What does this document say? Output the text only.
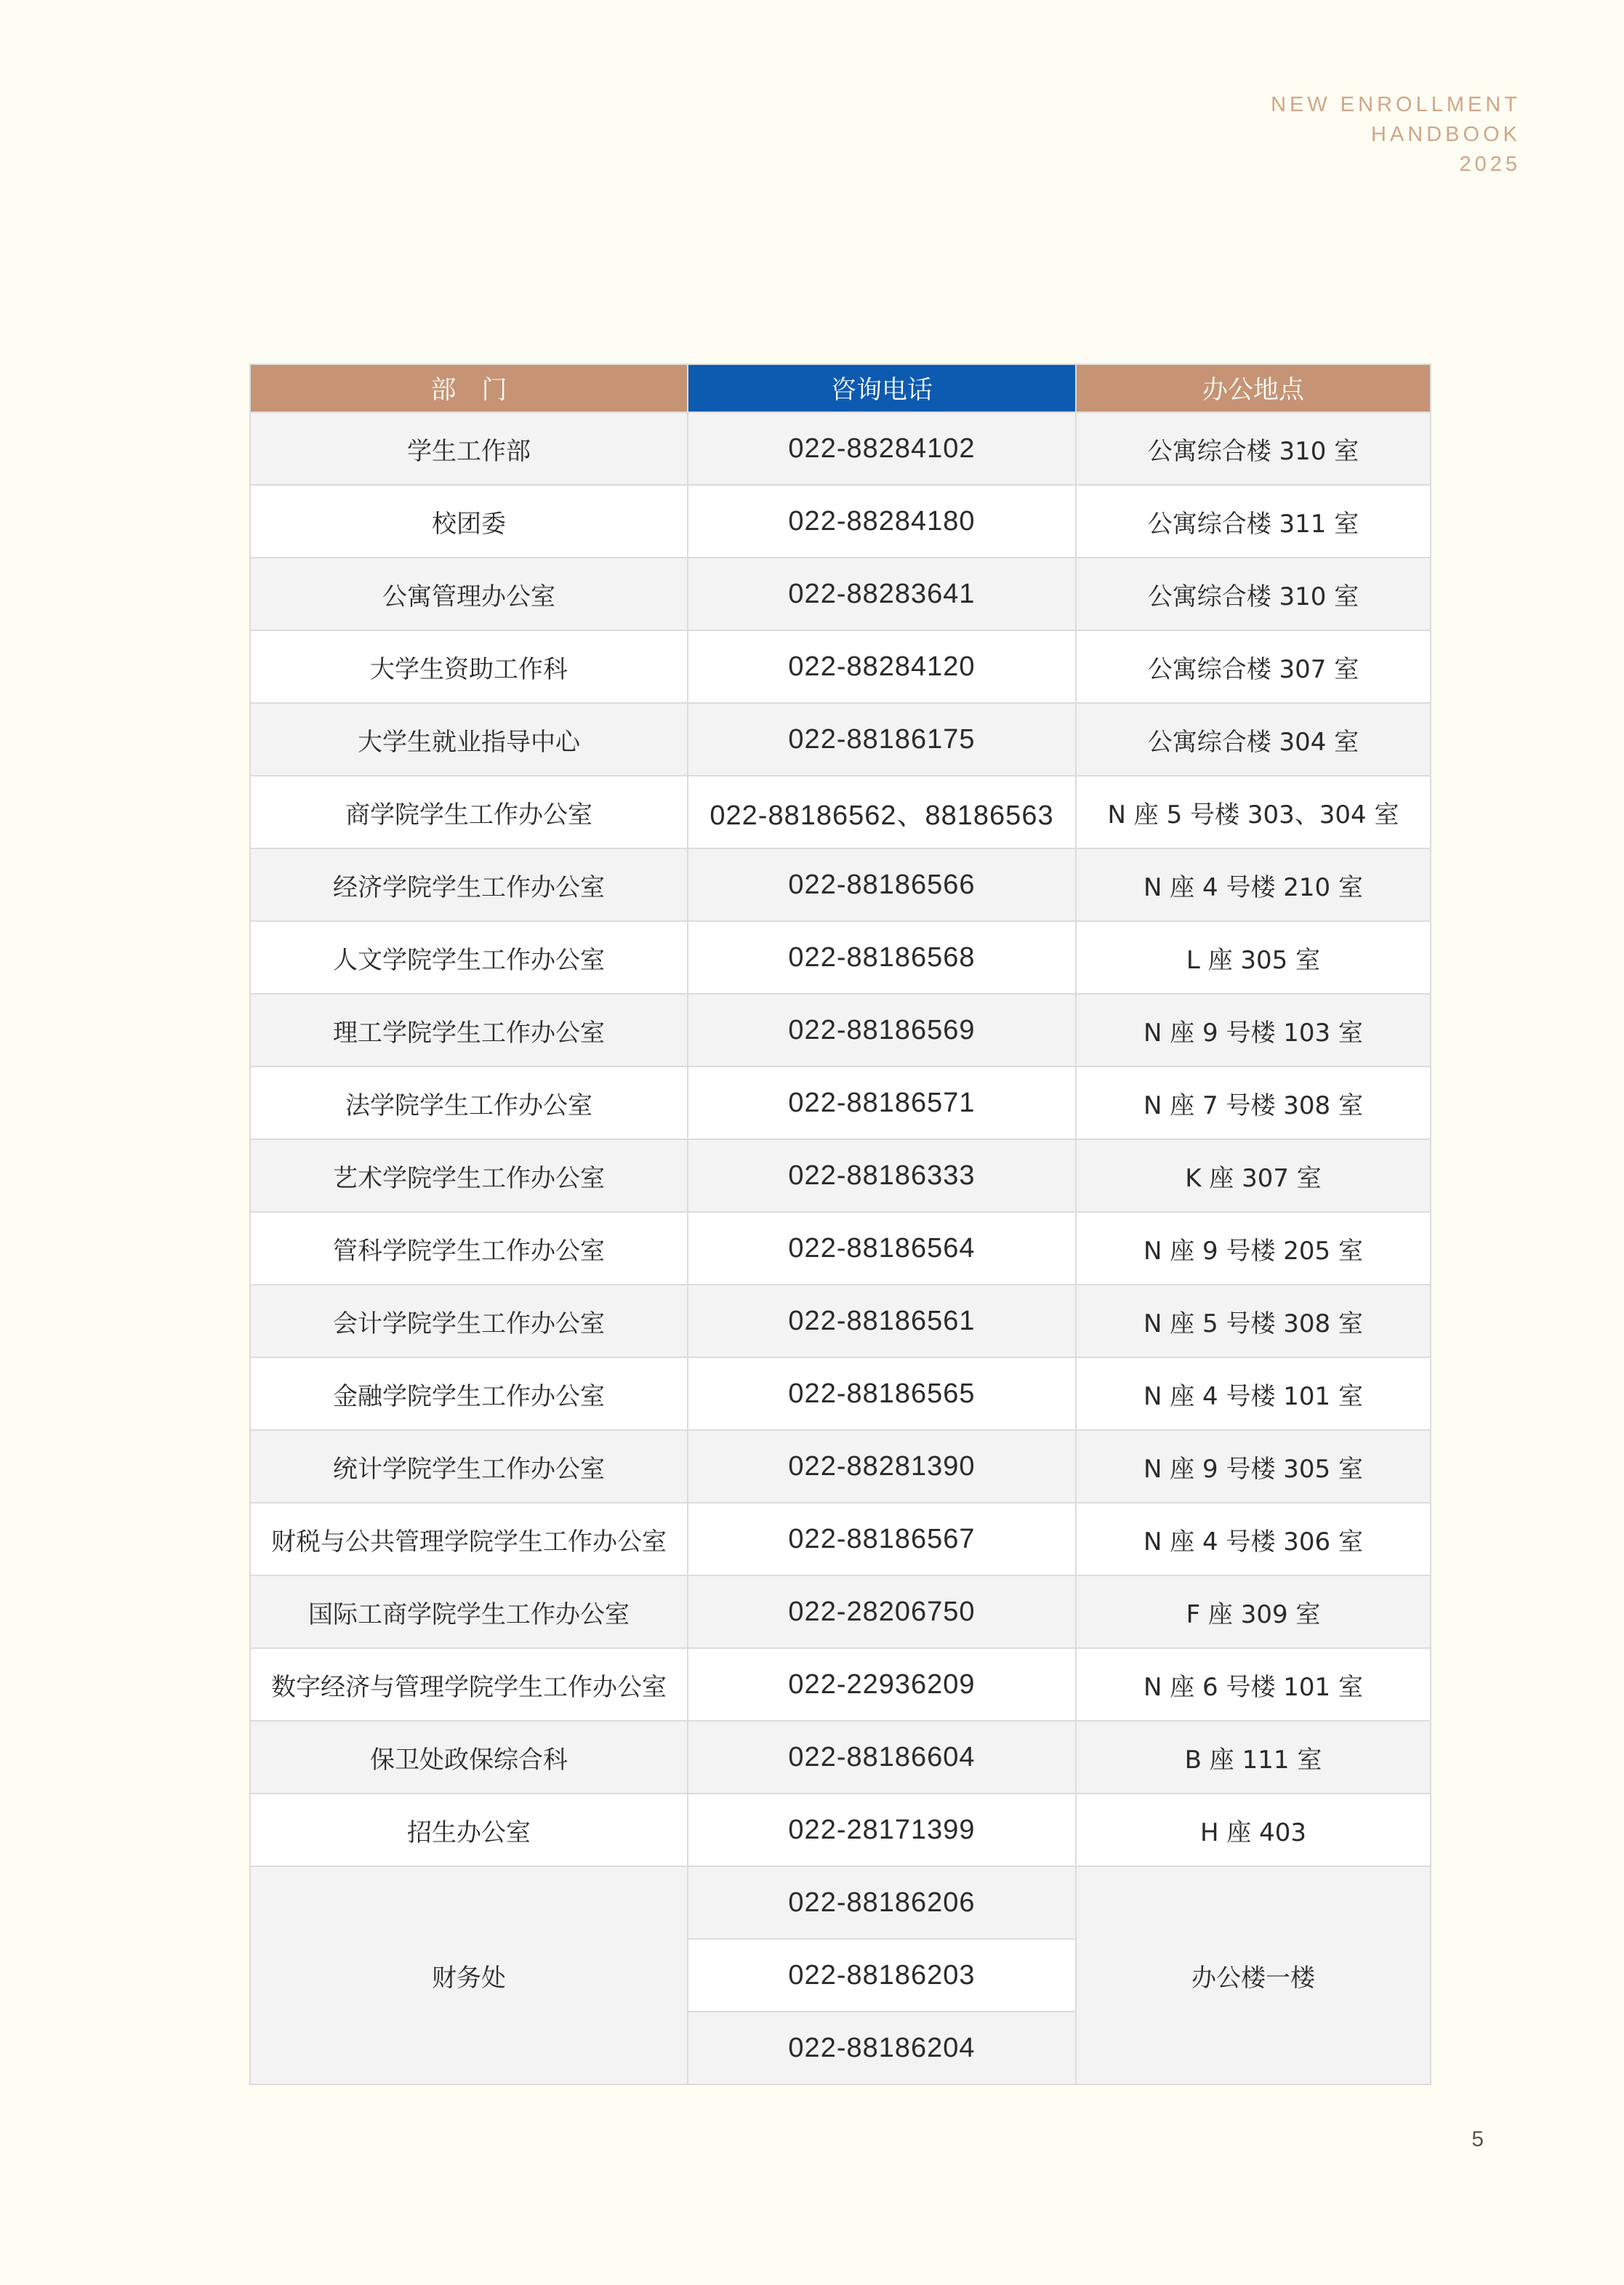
NEW ENROLLMENT
HANDBOOK
2025
部　门	咨询电话	办公地点
学生工作部	022-88284102	公寓综合楼 310 室
校团委	022-88284180	公寓综合楼 311 室
公寓管理办公室	022-88283641	公寓综合楼 310 室
大学生资助工作科	022-88284120	公寓综合楼 307 室
大学生就业指导中心	022-88186175	公寓综合楼 304 室
商学院学生工作办公室	022-88186562、88186563	N 座 5 号楼 303、304 室
经济学院学生工作办公室	022-88186566	N 座 4 号楼 210 室
人文学院学生工作办公室	022-88186568	L 座 305 室
理工学院学生工作办公室	022-88186569	N 座 9 号楼 103 室
法学院学生工作办公室	022-88186571	N 座 7 号楼 308 室
艺术学院学生工作办公室	022-88186333	K 座 307 室
管科学院学生工作办公室	022-88186564	N 座 9 号楼 205 室
会计学院学生工作办公室	022-88186561	N 座 5 号楼 308 室
金融学院学生工作办公室	022-88186565	N 座 4 号楼 101 室
统计学院学生工作办公室	022-88281390	N 座 9 号楼 305 室
财税与公共管理学院学生工作办公室	022-88186567	N 座 4 号楼 306 室
国际工商学院学生工作办公室	022-28206750	F 座 309 室
数字经济与管理学院学生工作办公室	022-22936209	N 座 6 号楼 101 室
保卫处政保综合科	022-88186604	B 座 111 室
招生办公室	022-28171399	H 座 403
财务处	022-88186206	办公楼一楼
	022-88186203	
	022-88186204	
5
